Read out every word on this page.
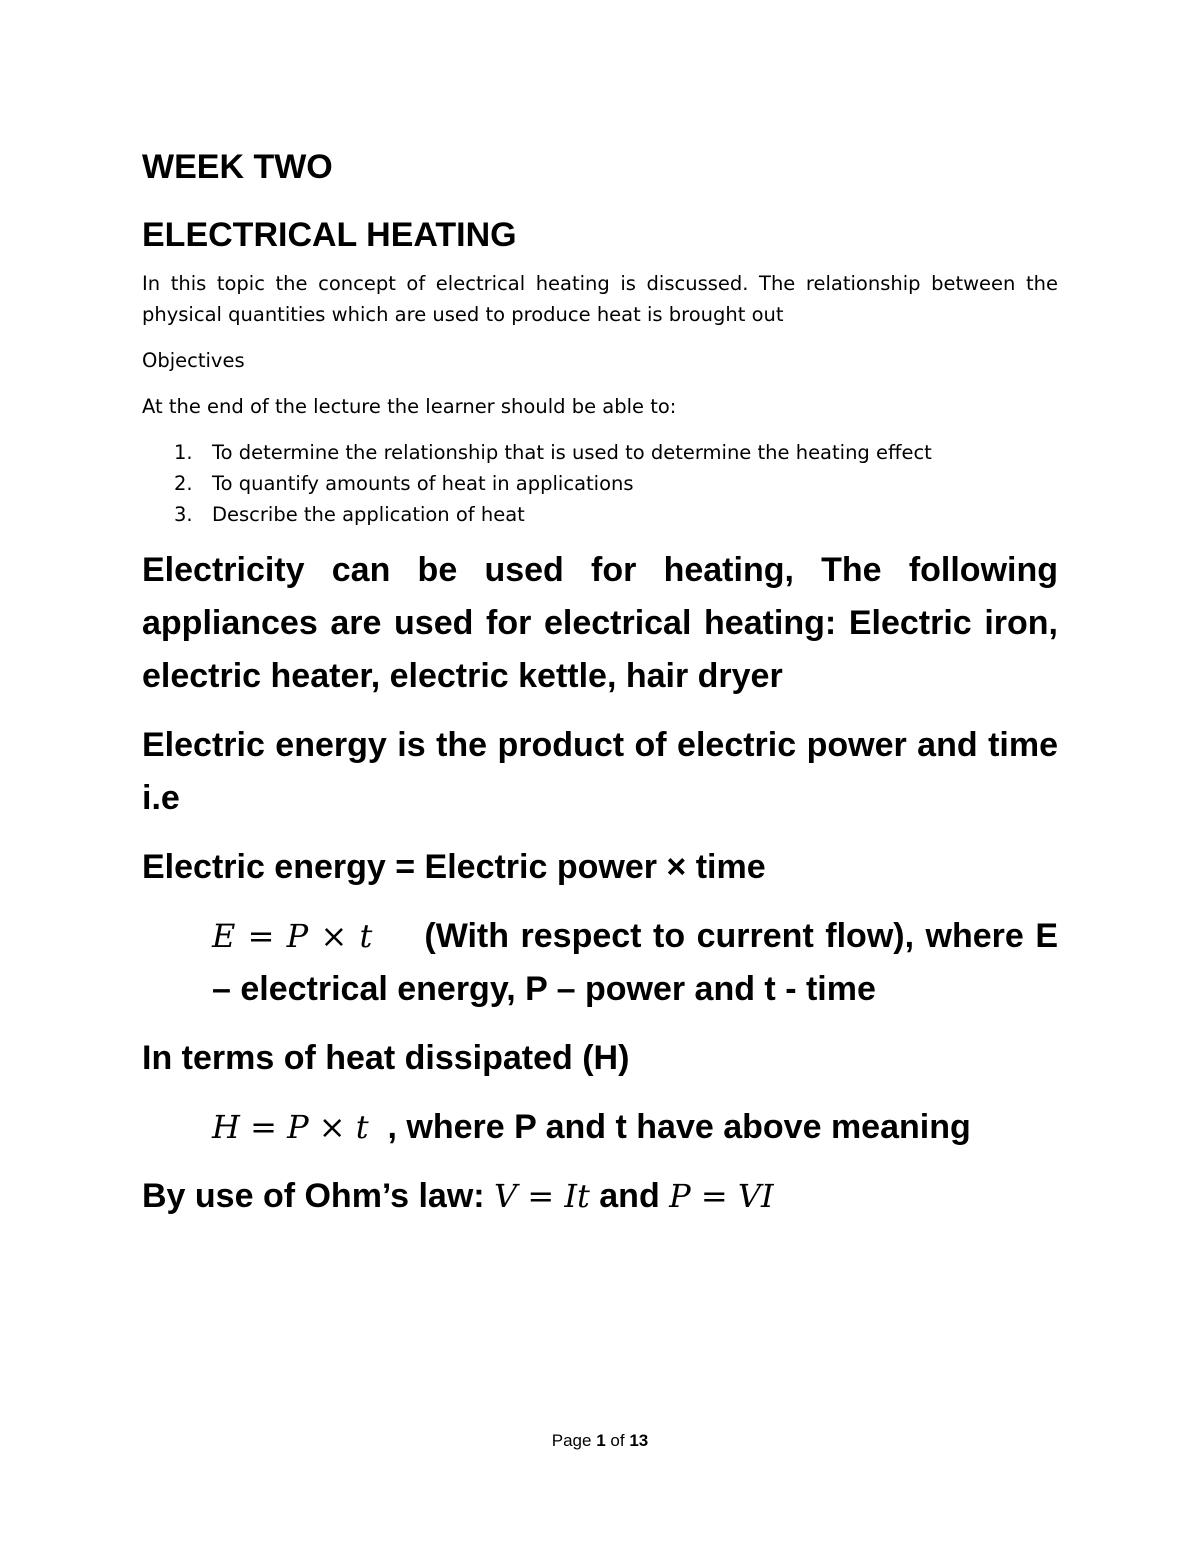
WEEK TWO
ELECTRICAL HEATING

In this topic the concept of electrical heating is discussed. The relationship between the physical quantities which are used to produce heat is brought out

Objectives

At the end of the lecture the learner should be able to:

1. To determine the relationship that is used to determine the heating effect
2. To quantify amounts of heat in applications
3. Describe the application of heat

Electricity can be used for heating, The following appliances are used for electrical heating: Electric iron, electric heater, electric kettle, hair dryer

Electric energy is the product of electric power and time i.e

Electric energy = Electric power × time

E = P × t (With respect to current flow), where E – electrical energy, P – power and t - time

In terms of heat dissipated (H)

H = P × t , where P and t have above meaning

By use of Ohm’s law: V = It and P = VI

Page 1 of 13
